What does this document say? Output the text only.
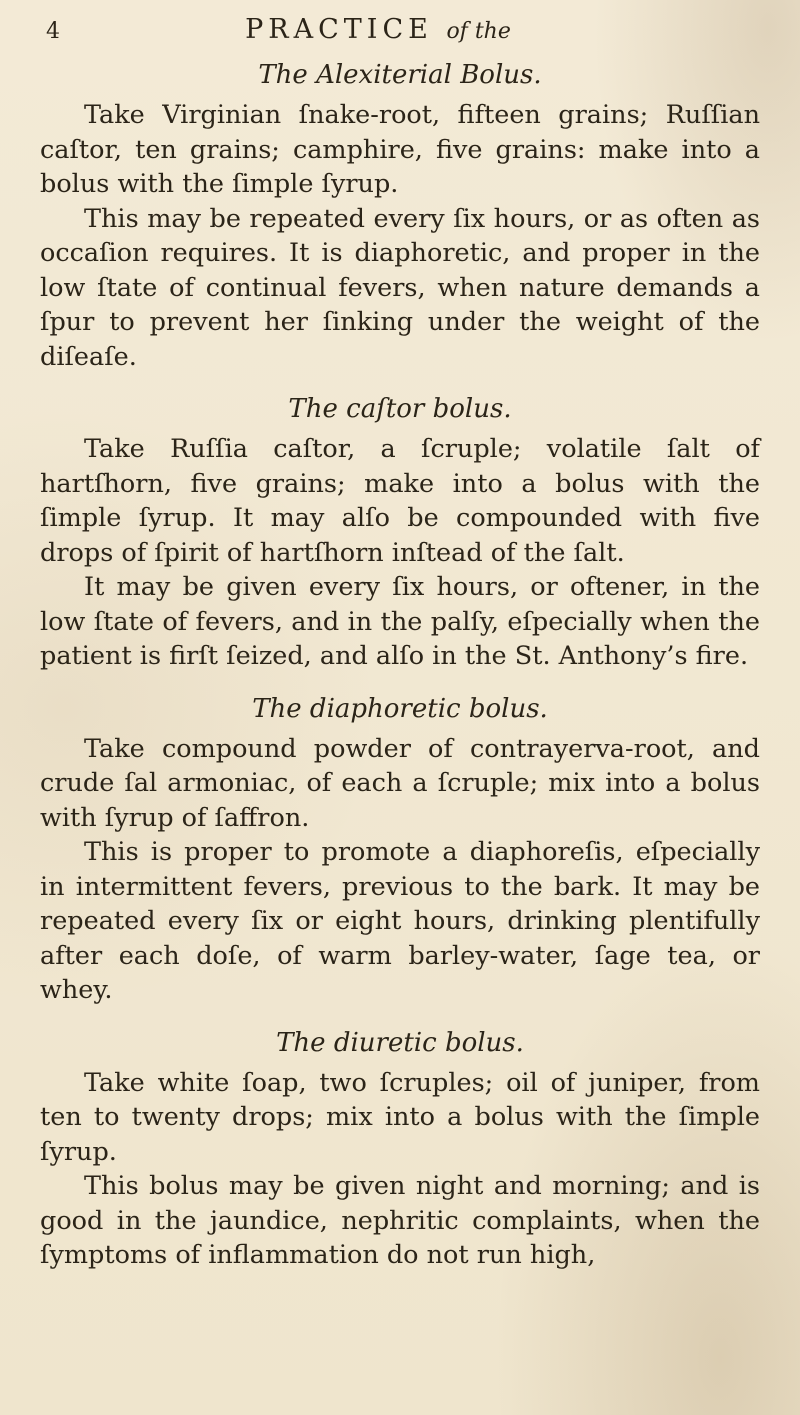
4	PRACTICE of the
The Alexiterial Bolus.

Take Virginian ſnake-root, fifteen grains; Ruſſian caſtor, ten grains; camphire, five grains: make into a bolus with the ſimple ſyrup.

This may be repeated every ſix hours, or as often as occaſion requires. It is diaphoretic, and proper in the low ſtate of continual fevers, when nature demands a ſpur to prevent her ſinking under the weight of the diſeaſe.

The caſtor bolus.

Take Ruſſia caſtor, a ſcruple; volatile ſalt of hartſhorn, five grains; make into a bolus with the ſimple ſyrup. It may alſo be compounded with five drops of ſpirit of hartſhorn inſtead of the ſalt.

It may be given every ſix hours, or oftener, in the low ſtate of fevers, and in the palſy, eſpecially when the patient is firſt ſeized, and alſo in the St. Anthony’s fire.

The diaphoretic bolus.

Take compound powder of contrayerva-root, and crude ſal armoniac, of each a ſcruple; mix into a bolus with ſyrup of ſaffron.

This is proper to promote a diaphoreſis, eſpecially in intermittent fevers, previous to the bark. It may be repeated every ſix or eight hours, drinking plentifully after each doſe, of warm barley-water, ſage tea, or whey.

The diuretic bolus.

Take white ſoap, two ſcruples; oil of juniper, from ten to twenty drops; mix into a bolus with the ſimple ſyrup.

This bolus may be given night and morning; and is good in the jaundice, nephritic complaints, when the ſymptoms of inflammation do not run high,
